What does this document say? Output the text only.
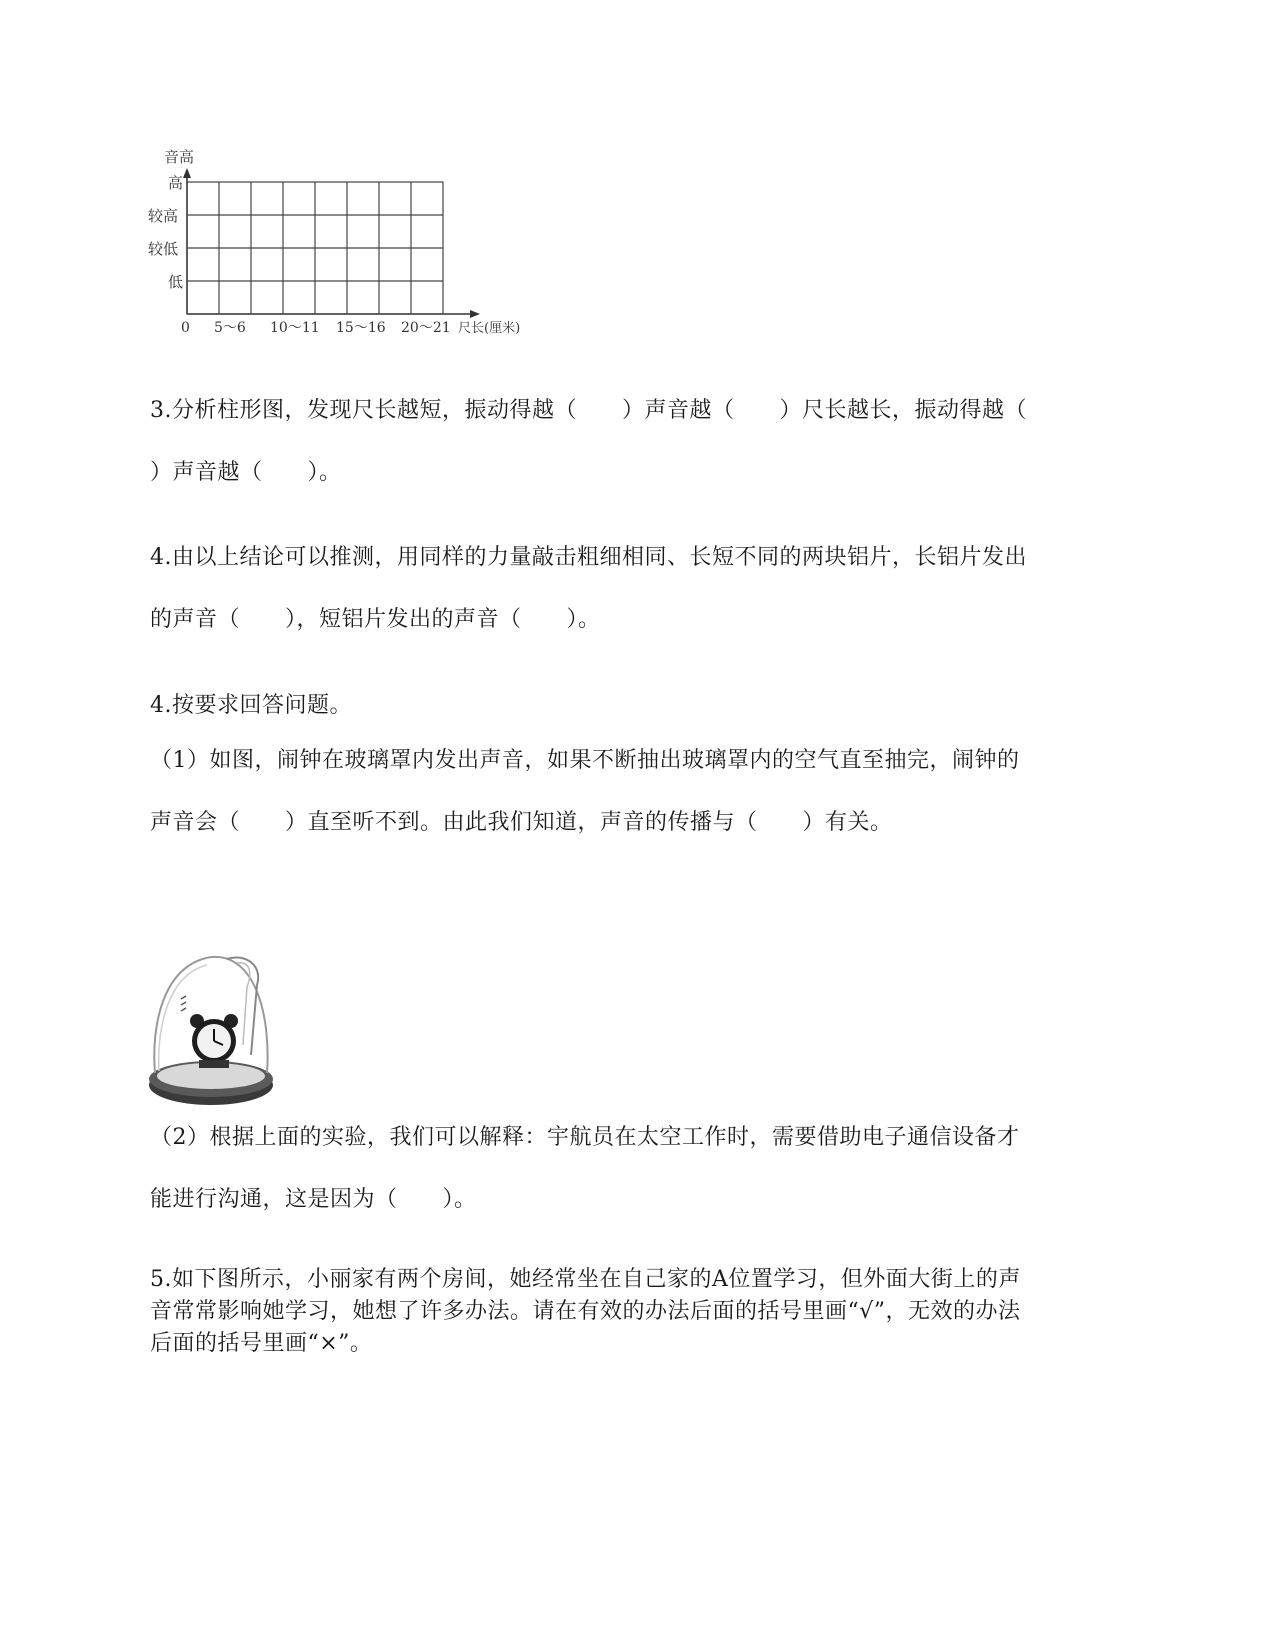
音高
高
较高
较低
低
0 5～6 10～11 15～16 20～21 尺长(厘米)
3.分析柱形图，发现尺长越短，振动得越（　　）声音越（　　）尺长越长，振动得越（
）声音越（　　）。
4.由以上结论可以推测，用同样的力量敲击粗细相同、长短不同的两块铝片，长铝片发出
的声音（　　），短铝片发出的声音（　　）。
4.按要求回答问题。
（1）如图，闹钟在玻璃罩内发出声音，如果不断抽出玻璃罩内的空气直至抽完，闹钟的
声音会（　　）直至听不到。由此我们知道，声音的传播与（　　）有关。
（2）根据上面的实验，我们可以解释：宇航员在太空工作时，需要借助电子通信设备才
能进行沟通，这是因为（　　）。
5.如下图所示，小丽家有两个房间，她经常坐在自己家的A位置学习，但外面大街上的声
音常常影响她学习，她想了许多办法。请在有效的办法后面的括号里画“√”，无效的办法
后面的括号里画“×”。
